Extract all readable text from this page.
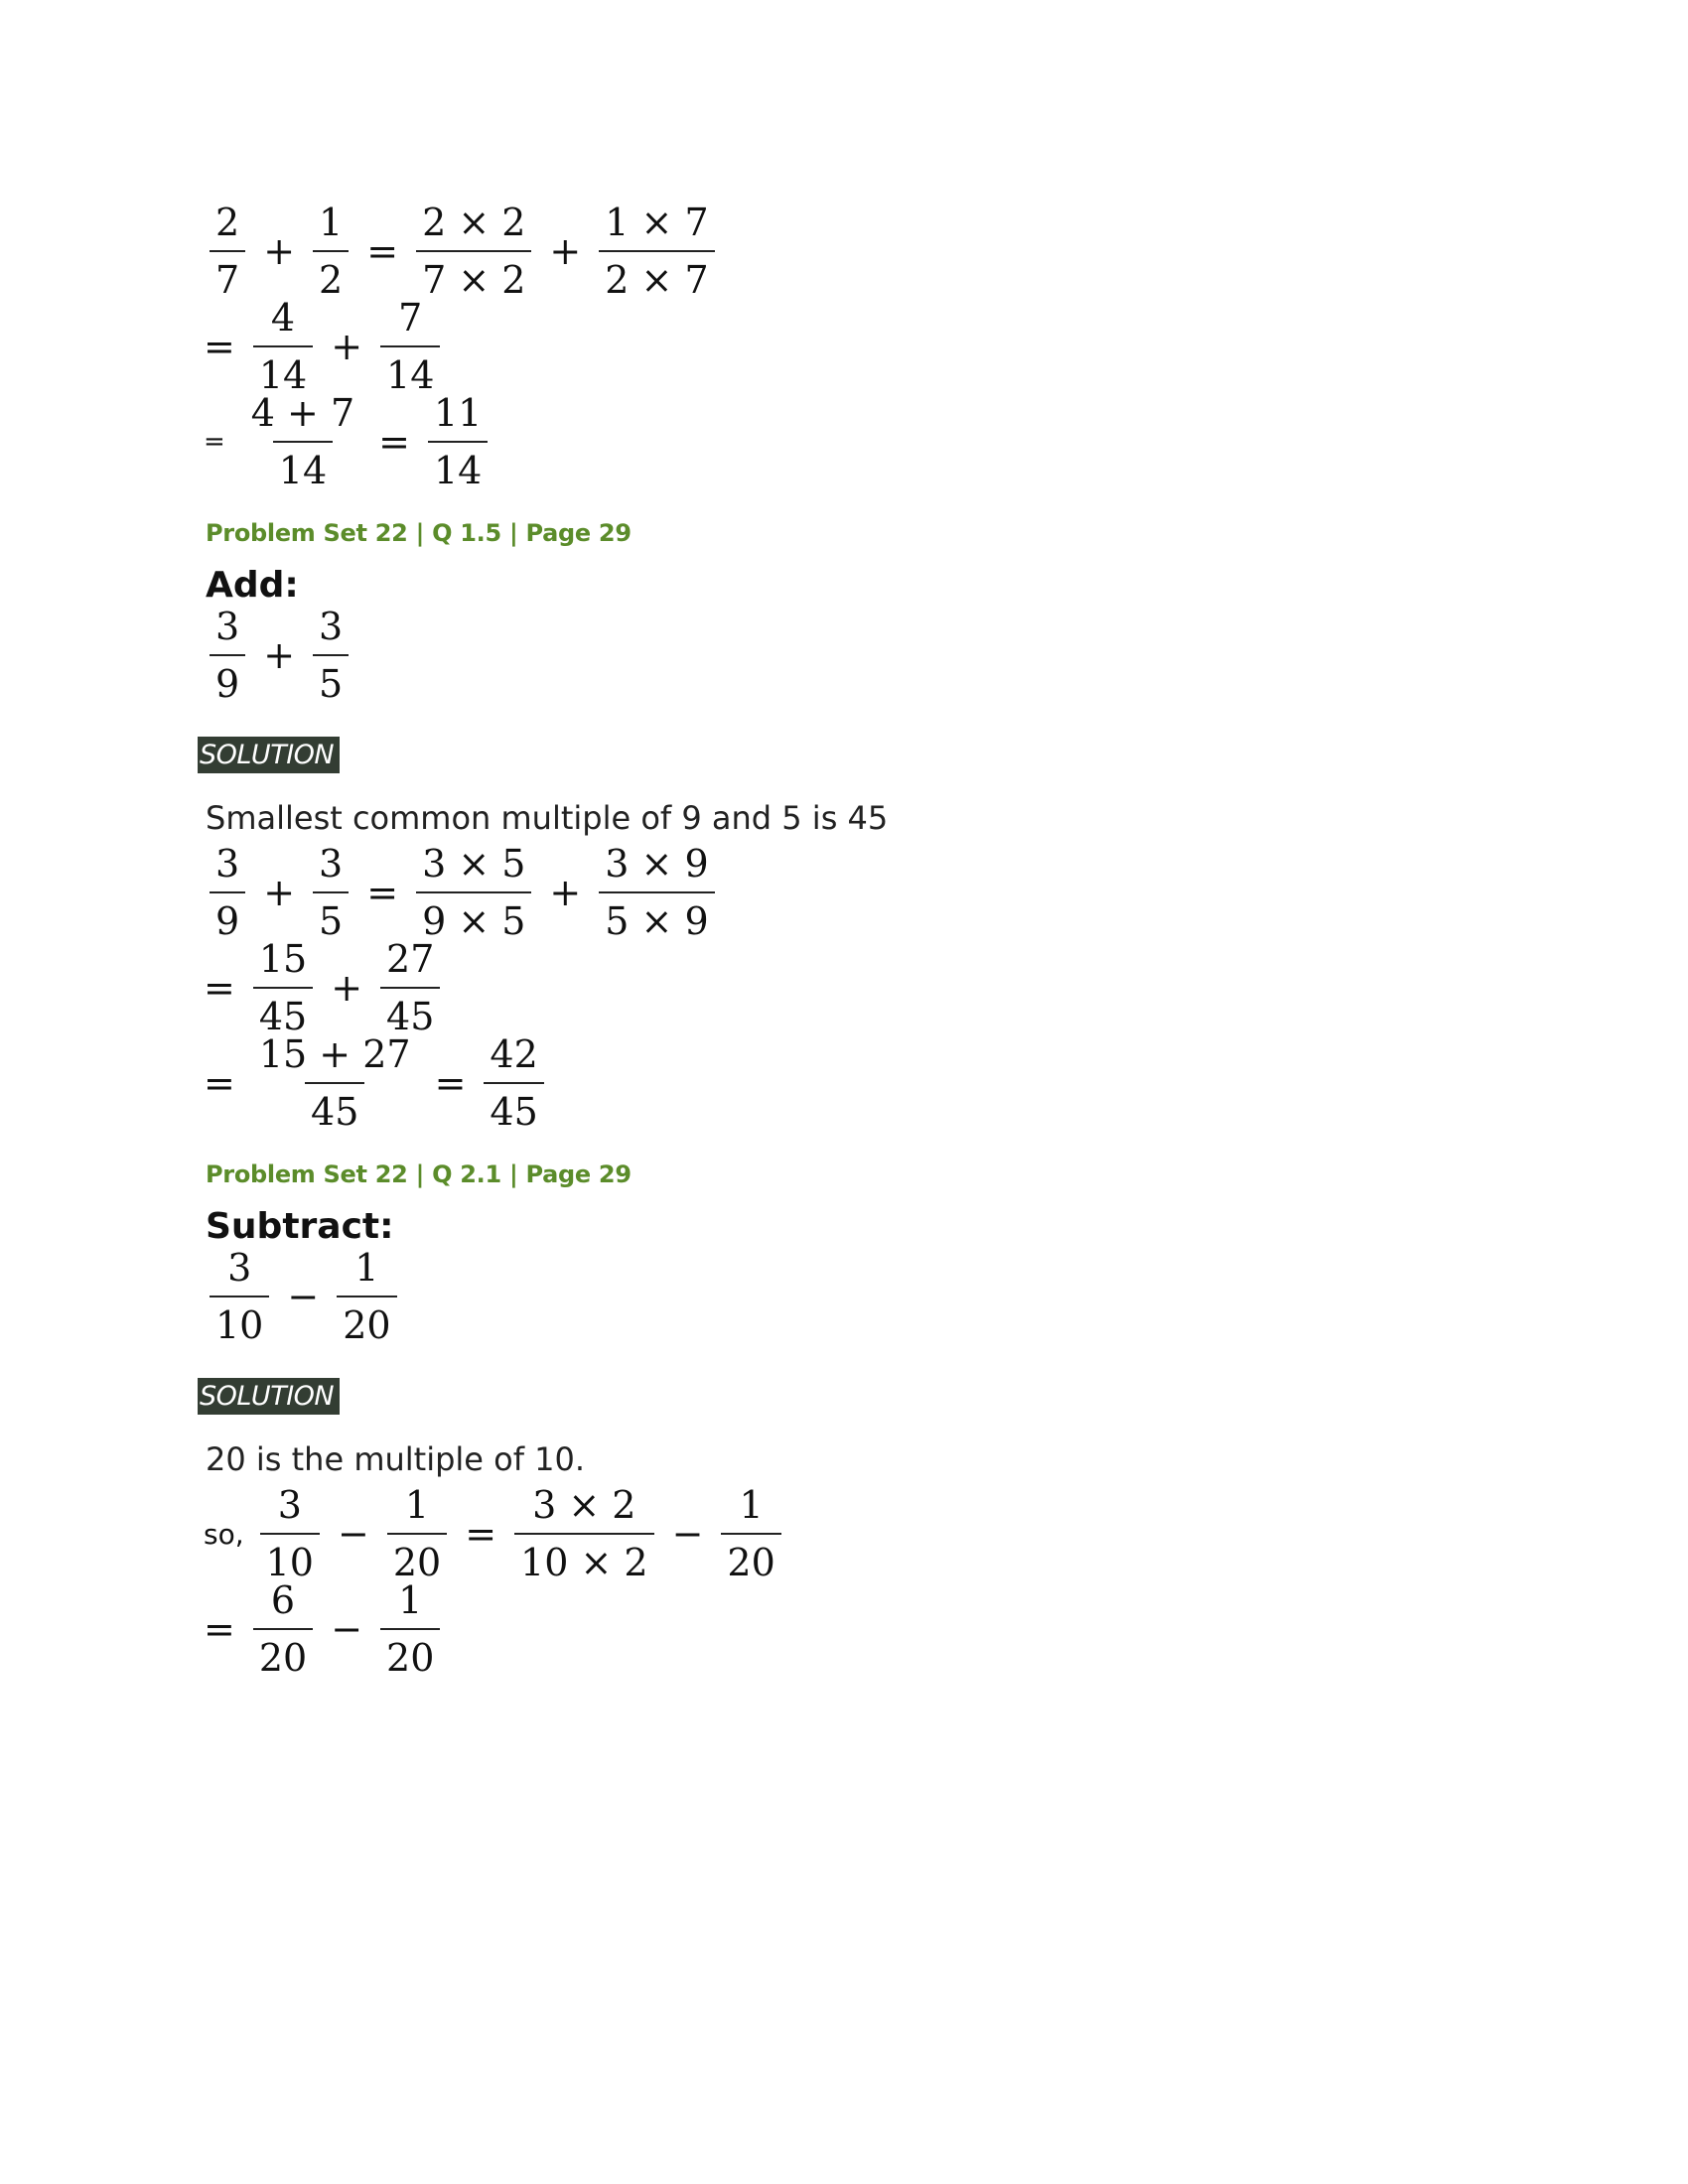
$\frac{2}{7} + \frac{1}{2} = \frac{2 \times 2}{7 \times 2} + \frac{1 \times 7}{2 \times 7}$
= $\frac{4}{14} + \frac{7}{14}$
= $\frac{4 + 7}{14} = \frac{11}{14}$
Problem Set 22 | Q 1.5 | Page 29
Add:
$\frac{3}{9} + \frac{3}{5}$
SOLUTION
Smallest common multiple of 9 and 5 is 45
$\frac{3}{9} + \frac{3}{5} = \frac{3 \times 5}{9 \times 5} + \frac{3 \times 9}{5 \times 9}$
= $\frac{15}{45} + \frac{27}{45}$
= $\frac{15 + 27}{45} = \frac{42}{45}$
Problem Set 22 | Q 2.1 | Page 29
Subtract:
$\frac{3}{10} - \frac{1}{20}$
SOLUTION
20 is the multiple of 10.
so, $\frac{3}{10} - \frac{1}{20} = \frac{3 \times 2}{10 \times 2} - \frac{1}{20}$
= $\frac{6}{20} - \frac{1}{20}$
